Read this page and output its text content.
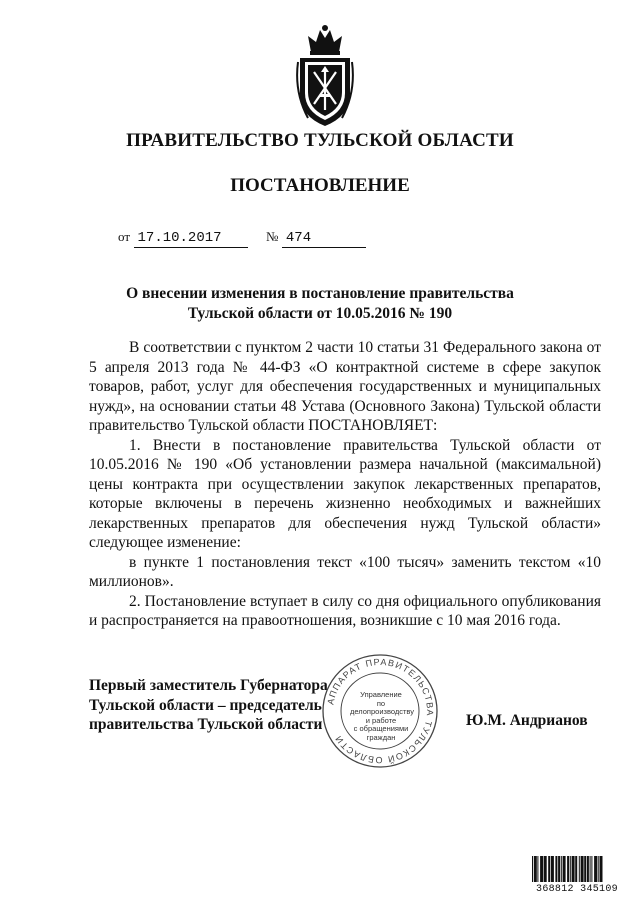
ПРАВИТЕЛЬСТВО ТУЛЬСКОЙ ОБЛАСТИ
ПОСТАНОВЛЕНИЕ
от 17.10.2017	№ 474
О внесении изменения в постановление правительства
Тульской области от 10.05.2016 № 190

В соответствии с пунктом 2 части 10 статьи 31 Федерального закона от 5 апреля 2013 года № 44-ФЗ «О контрактной системе в сфере закупок товаров, работ, услуг для обеспечения государственных и муниципальных нужд», на основании статьи 48 Устава (Основного Закона) Тульской области правительство Тульской области ПОСТАНОВЛЯЕТ:

1. Внести в постановление правительства Тульской области от 10.05.2016 № 190 «Об установлении размера начальной (максимальной) цены контракта при осуществлении закупок лекарственных препаратов, которые включены в перечень жизненно необходимых и важнейших лекарственных препаратов для обеспечения нужд Тульской области» следующее изменение:

в пункте 1 постановления текст «100 тысяч» заменить текстом «10 миллионов».

2. Постановление вступает в силу со дня официального опубликования и распространяется на правоотношения, возникшие с 10 мая 2016 года.

Первый заместитель Губернатора
Тульской области – председатель
правительства Тульской области	Ю.М. Андрианов
АППАРАТ ПРАВИТЕЛЬСТВА ТУЛЬСКОЙ ОБЛАСТИ
Управление
по делопроизводству
и работе
с обращениями
граждан
368812 345109
